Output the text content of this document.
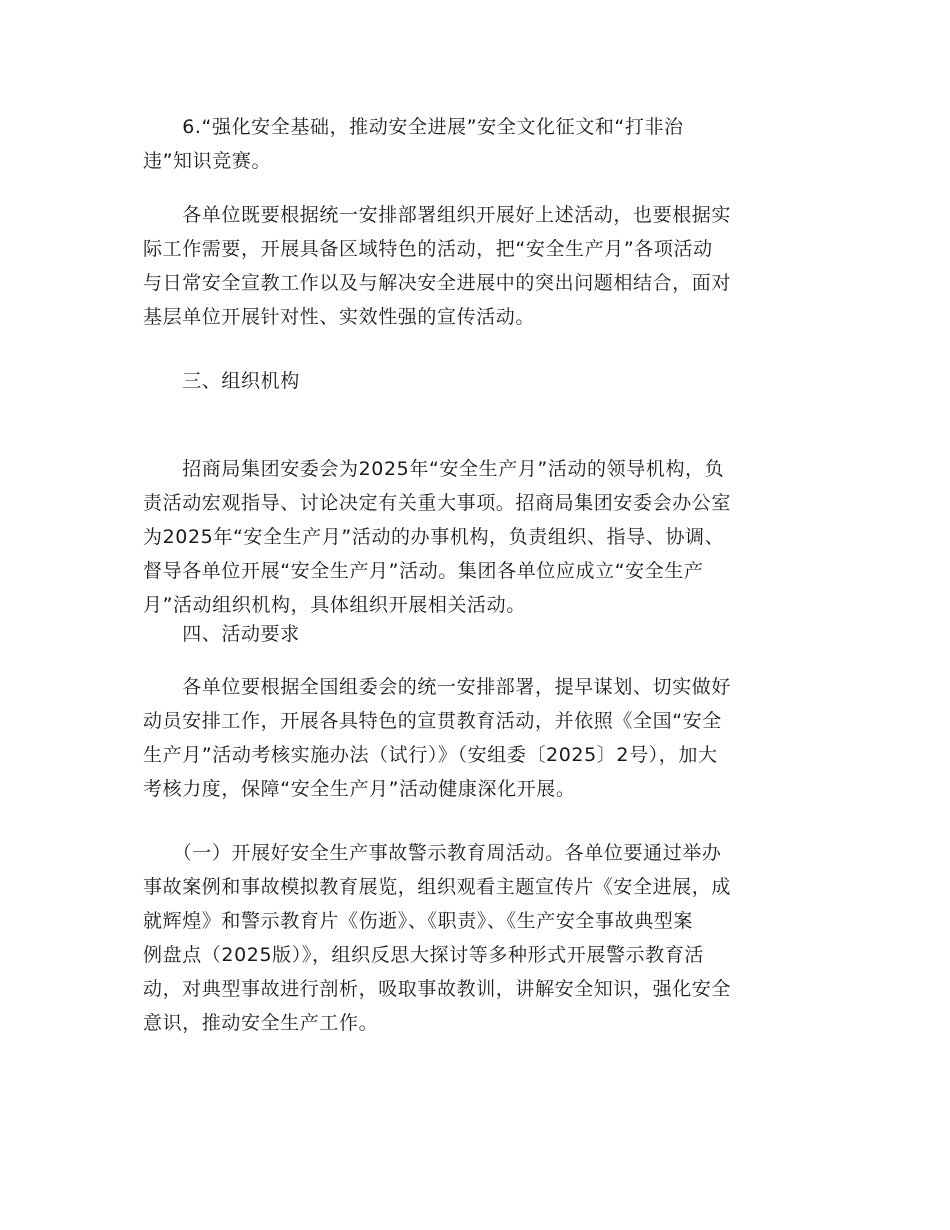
　　6.“强化安全基础，推动安全进展”安全文化征文和“打非治
违”知识竞赛。

　　各单位既要根据统一安排部署组织开展好上述活动，也要根据实
际工作需要，开展具备区域特色的活动，把“安全生产月”各项活动
与日常安全宣教工作以及与解决安全进展中的突出问题相结合，面对
基层单位开展针对性、实效性强的宣传活动。

　　三、组织机构

　　招商局集团安委会为2025年“安全生产月”活动的领导机构，负
责活动宏观指导、讨论决定有关重大事项。招商局集团安委会办公室
为2025年“安全生产月”活动的办事机构，负责组织、指导、协调、
督导各单位开展“安全生产月”活动。集团各单位应成立“安全生产
月”活动组织机构，具体组织开展相关活动。

　　四、活动要求

　　各单位要根据全国组委会的统一安排部署，提早谋划、切实做好
动员安排工作，开展各具特色的宣贯教育活动，并依照《全国“安全
生产月”活动考核实施办法（试行）》（安组委〔2025〕2号），加大
考核力度，保障“安全生产月”活动健康深化开展。

　　（一）开展好安全生产事故警示教育周活动。各单位要通过举办
事故案例和事故模拟教育展览，组织观看主题宣传片《安全进展，成
就辉煌》和警示教育片《伤逝》、《职责》、《生产安全事故典型案
例盘点（2025版）》，组织反思大探讨等多种形式开展警示教育活
动，对典型事故进行剖析，吸取事故教训，讲解安全知识，强化安全
意识，推动安全生产工作。
